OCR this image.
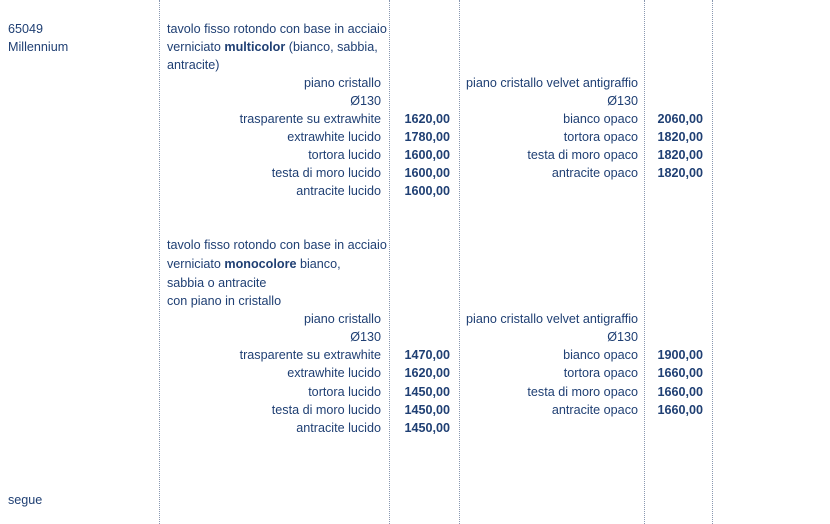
65049
Millennium
tavolo fisso rotondo con base in acciaio
verniciato multicolor (bianco, sabbia,
antracite)
piano cristallo
Ø130
piano cristallo velvet antigraffio
Ø130
trasparente su extrawhite 1620,00
extrawhite lucido 1780,00
tortora lucido 1600,00
testa di moro lucido 1600,00
antracite lucido 1600,00
bianco opaco 2060,00
tortora opaco 1820,00
testa di moro opaco 1820,00
antracite opaco 1820,00
tavolo fisso rotondo con base in acciaio
verniciato monocolore bianco,
sabbia o antracite
con piano in cristallo
piano cristallo
Ø130
piano cristallo velvet antigraffio
Ø130
trasparente su extrawhite 1470,00
extrawhite lucido 1620,00
tortora lucido 1450,00
testa di moro lucido 1450,00
antracite lucido 1450,00
bianco opaco 1900,00
tortora opaco 1660,00
testa di moro opaco 1660,00
antracite opaco 1660,00
segue
